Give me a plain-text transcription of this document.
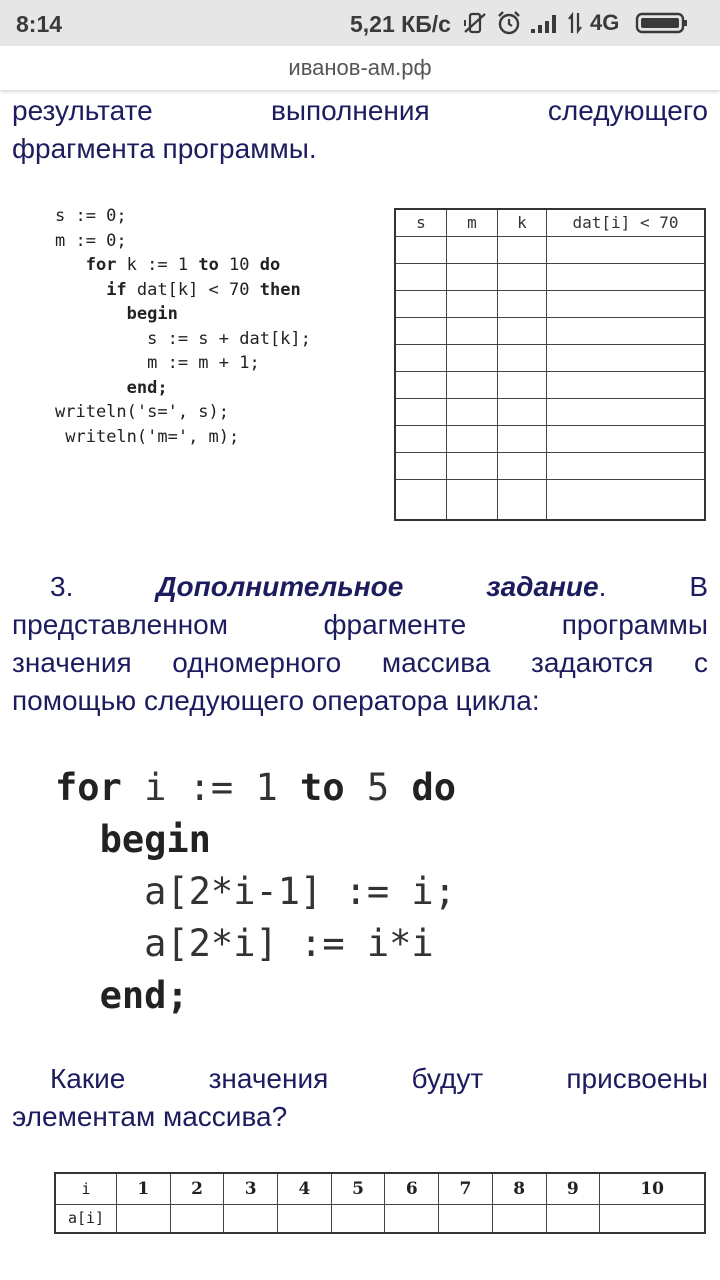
8:14	5,21 КБ/с	4G
иванов-ам.рф
результате	выполнения	следующего
фрагмента программы.
s := 0;
m := 0;
for k := 1 to 10 do
if dat[k] < 70 then
begin
s := s + dat[k];
m := m + 1;
end;
writeln('s=', s);
writeln('m=', m);
s	m	k	dat[i] < 70

3.	Дополнительное	задание.	В
представленном	фрагменте	программы
значения одномерного массива задаются с
помощью следующего оператора цикла:
for i := 1 to 5 do
begin
a[2*i-1] := i;
a[2*i] := i*i
end;
Какие	значения	будут	присвоены
элементам массива?
i	1	2	3	4	5	6	7	8	9	10
a[i]										
